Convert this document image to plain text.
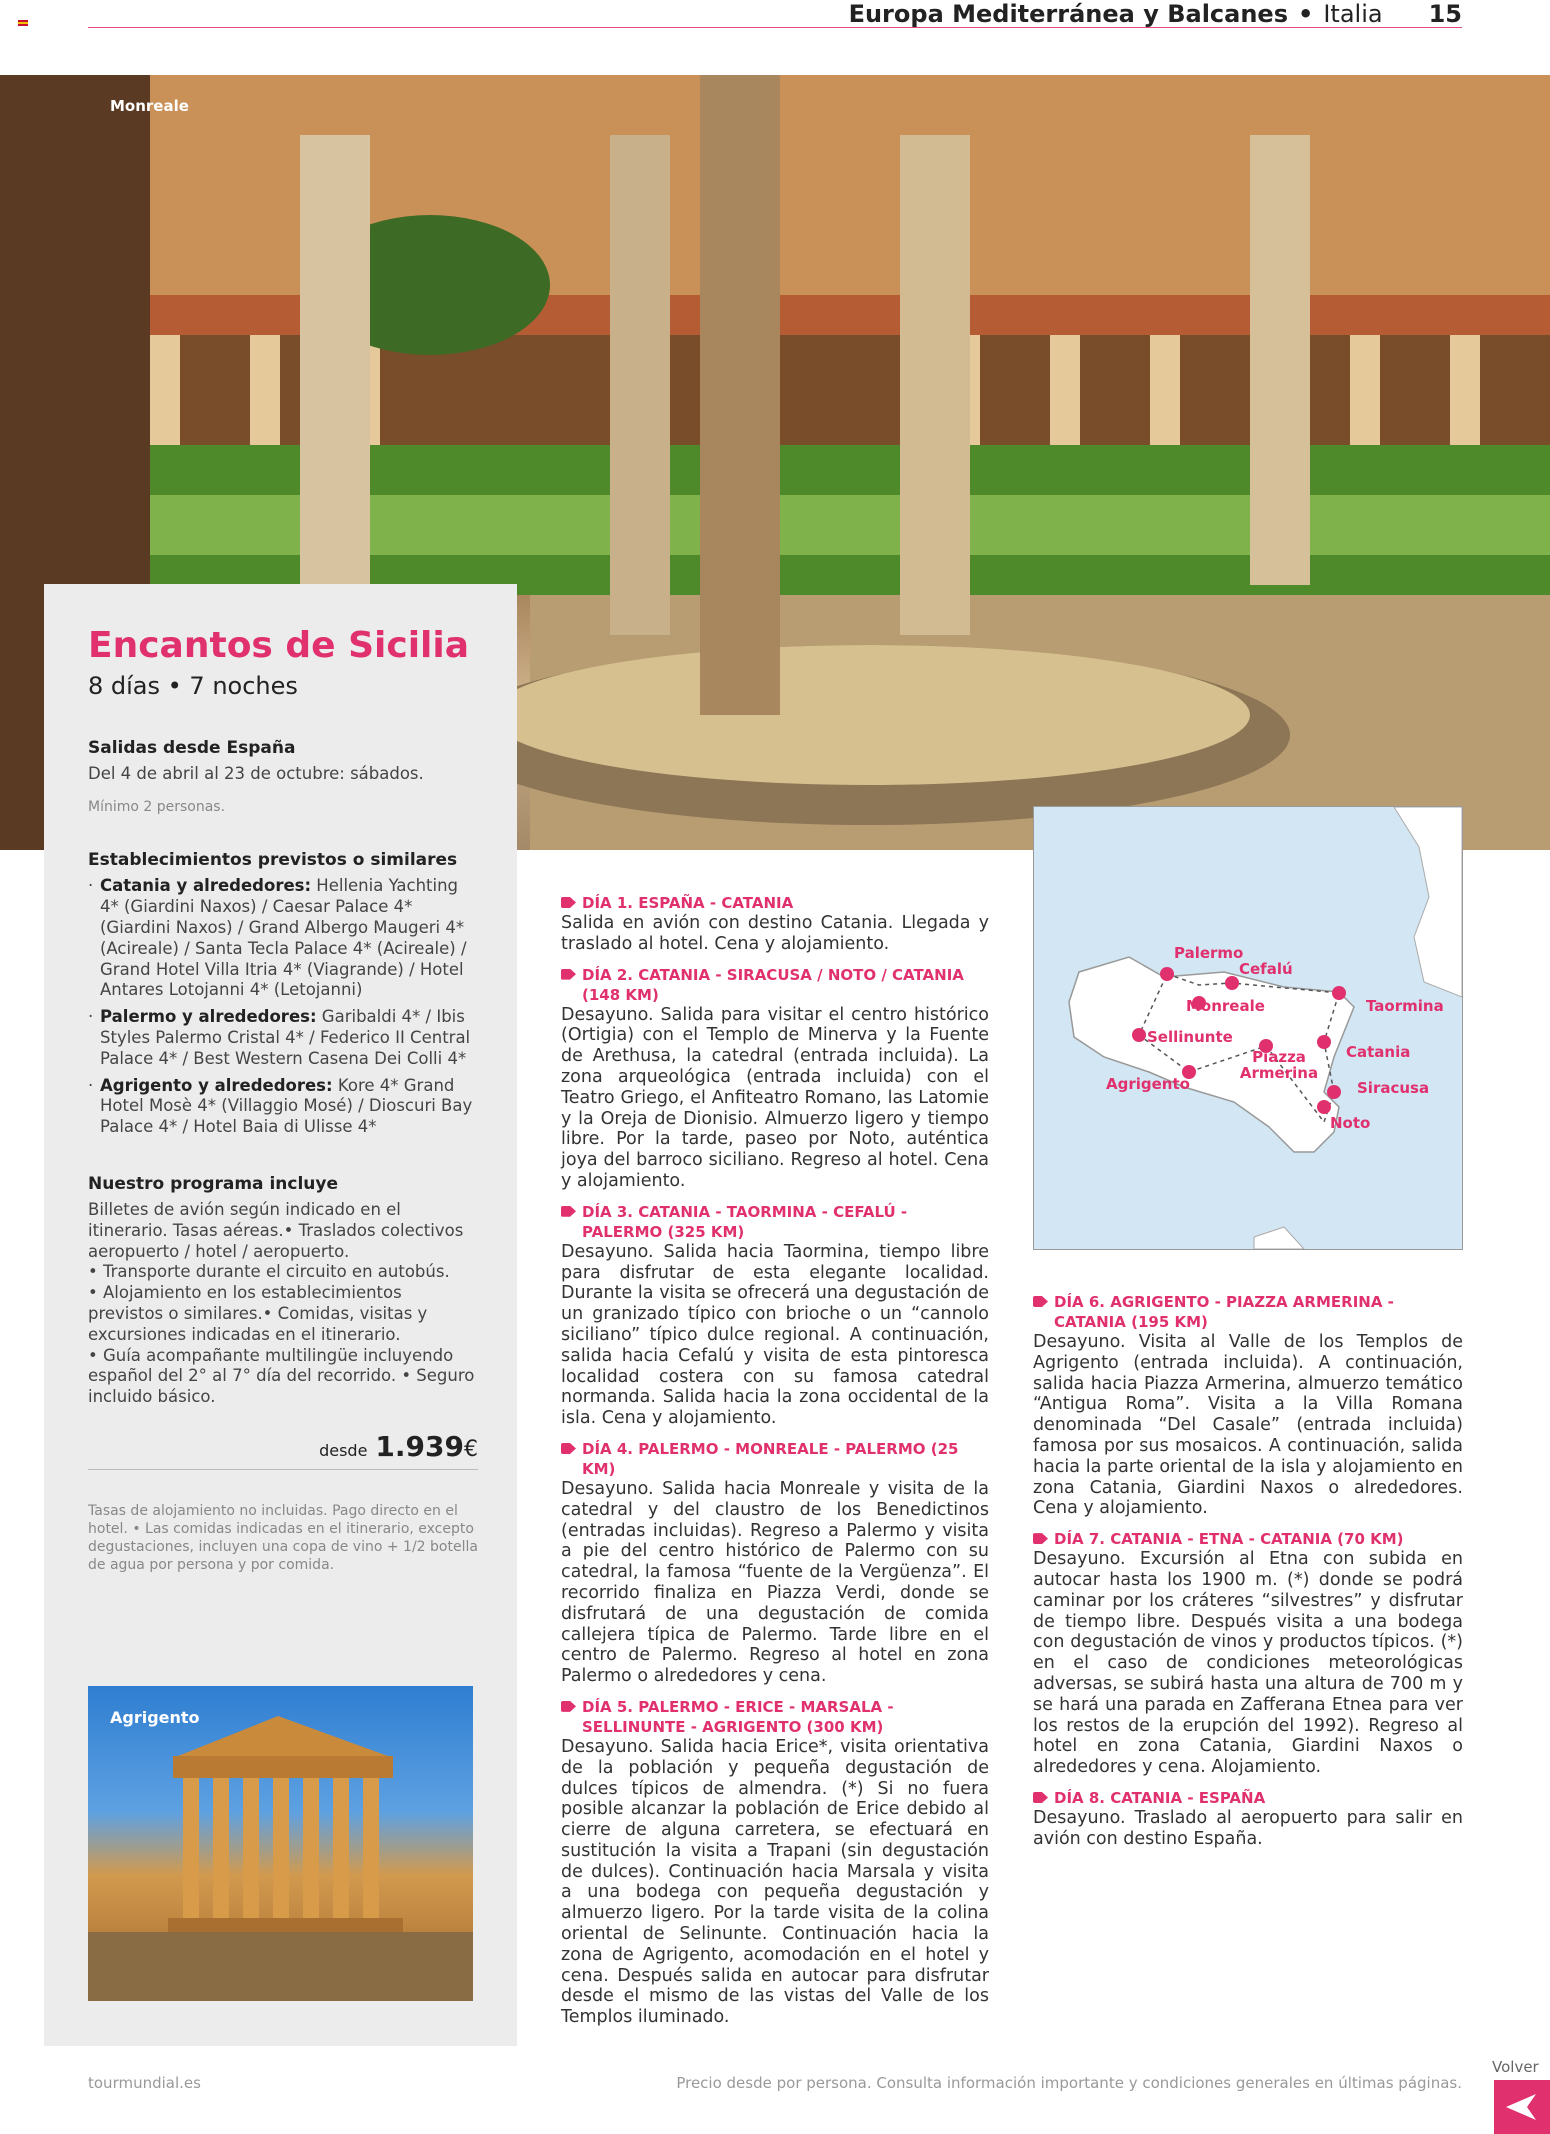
Europa Mediterránea y Balcanes • Italia 15
Monreale
Encantos de Sicilia
8 días • 7 noches
Salidas desde España
Del 4 de abril al 23 de octubre: sábados.
Mínimo 2 personas.
Establecimientos previstos o similares
· Catania y alrededores: Hellenia Yachting 4* (Giardini Naxos) / Caesar Palace 4* (Giardini Naxos) / Grand Albergo Maugeri 4*(Acireale) / Santa Tecla Palace 4* (Acireale) / Grand Hotel Villa Itria 4* (Viagrande) / Hotel Antares Lotojanni 4* (Letojanni)
· Palermo y alrededores: Garibaldi 4* / Ibis Styles Palermo Cristal 4* / Federico II Central Palace 4* / Best Western Casena Dei Colli 4*
· Agrigento y alrededores: Kore 4* Grand Hotel Mosè 4* (Villaggio Mosé) / Dioscuri Bay Palace 4* / Hotel Baia di Ulisse 4*
Nuestro programa incluye
Billetes de avión según indicado en el itinerario. Tasas aéreas.• Traslados colectivos aeropuerto / hotel / aeropuerto.
• Transporte durante el circuito en autobús.
• Alojamiento en los establecimientos previstos o similares.• Comidas, visitas y excursiones indicadas en el itinerario.
• Guía acompañante multilingüe incluyendo español del 2° al 7° día del recorrido. • Seguro incluido básico.
desde 1.939 €
Tasas de alojamiento no incluidas. Pago directo en el hotel. • Las comidas indicadas en el itinerario, excepto degustaciones, incluyen una copa de vino + 1/2 botella de agua por persona y por comida.
Agrigento
DÍA 1. ESPAÑA - CATANIA
Salida en avión con destino Catania. Llegada y traslado al hotel. Cena y alojamiento.
DÍA 2. CATANIA - SIRACUSA / NOTO / CATANIA (148 KM)
Desayuno. Salida para visitar el centro histórico (Ortigia) con el Templo de Minerva y la Fuente de Arethusa, la catedral (entrada incluida). La zona arqueológica (entrada incluida) con el Teatro Griego, el Anfiteatro Romano, las Latomie y la Oreja de Dionisio. Almuerzo ligero y tiempo libre. Por la tarde, paseo por Noto, auténtica joya del barroco siciliano. Regreso al hotel. Cena y alojamiento.
DÍA 3. CATANIA - TAORMINA - CEFALÚ - PALERMO (325 KM)
Desayuno. Salida hacia Taormina, tiempo libre para disfrutar de esta elegante localidad. Durante la visita se ofrecerá una degustación de un granizado típico con brioche o un “cannolo siciliano” típico dulce regional. A continuación, salida hacia Cefalú y visita de esta pintoresca localidad costera con su famosa catedral normanda. Salida hacia la zona occidental de la isla. Cena y alojamiento.
DÍA 4. PALERMO - MONREALE - PALERMO (25 KM)
Desayuno. Salida hacia Monreale y visita de la catedral y del claustro de los Benedictinos (entradas incluidas). Regreso a Palermo y visita a pie del centro histórico de Palermo con su catedral, la famosa “fuente de la Vergüenza”. El recorrido finaliza en Piazza Verdi, donde se disfrutará de una degustación de comida callejera típica de Palermo. Tarde libre en el centro de Palermo. Regreso al hotel en zona Palermo o alrededores y cena.
DÍA 5. PALERMO - ERICE - MARSALA - SELLINUNTE - AGRIGENTO (300 KM)
Desayuno. Salida hacia Erice*, visita orientativa de la población y pequeña degustación de dulces típicos de almendra. (*) Si no fuera posible alcanzar la población de Erice debido al cierre de alguna carretera, se efectuará en sustitución la visita a Trapani (sin degustación de dulces). Continuación hacia Marsala y visita a una bodega con pequeña degustación y almuerzo ligero. Por la tarde visita de la colina oriental de Selinunte. Continuación hacia la zona de Agrigento, acomodación en el hotel y cena. Después salida en autocar para disfrutar desde el mismo de las vistas del Valle de los Templos iluminado.
Palermo
Cefalú
Monreale	Taormina
Sellinunte
Catania
Piazza Armerina
Agrigento	Siracusa
Noto
DÍA 6. AGRIGENTO - PIAZZA ARMERINA - CATANIA (195 KM)
Desayuno. Visita al Valle de los Templos de Agrigento (entrada incluida). A continuación, salida hacia Piazza Armerina, almuerzo temático “Antigua Roma”. Visita a la Villa Romana denominada “Del Casale” (entrada incluida) famosa por sus mosaicos. A continuación, salida hacia la parte oriental de la isla y alojamiento en zona Catania, Giardini Naxos o alrededores. Cena y alojamiento.
DÍA 7. CATANIA - ETNA - CATANIA (70 KM)
Desayuno. Excursión al Etna con subida en autocar hasta los 1900 m. (*) donde se podrá caminar por los cráteres “silvestres” y disfrutar de tiempo libre. Después visita a una bodega con degustación de vinos y productos típicos. (*) en el caso de condiciones meteorológicas adversas, se subirá hasta una altura de 700 m y se hará una parada en Zafferana Etnea para ver los restos de la erupción del 1992). Regreso al hotel en zona Catania, Giardini Naxos o alrededores y cena. Alojamiento.
DÍA 8. CATANIA - ESPAÑA
Desayuno. Traslado al aeropuerto para salir en avión con destino España.
tourmundial.es	Precio desde por persona. Consulta información importante y condiciones generales en últimas páginas.
Volver
